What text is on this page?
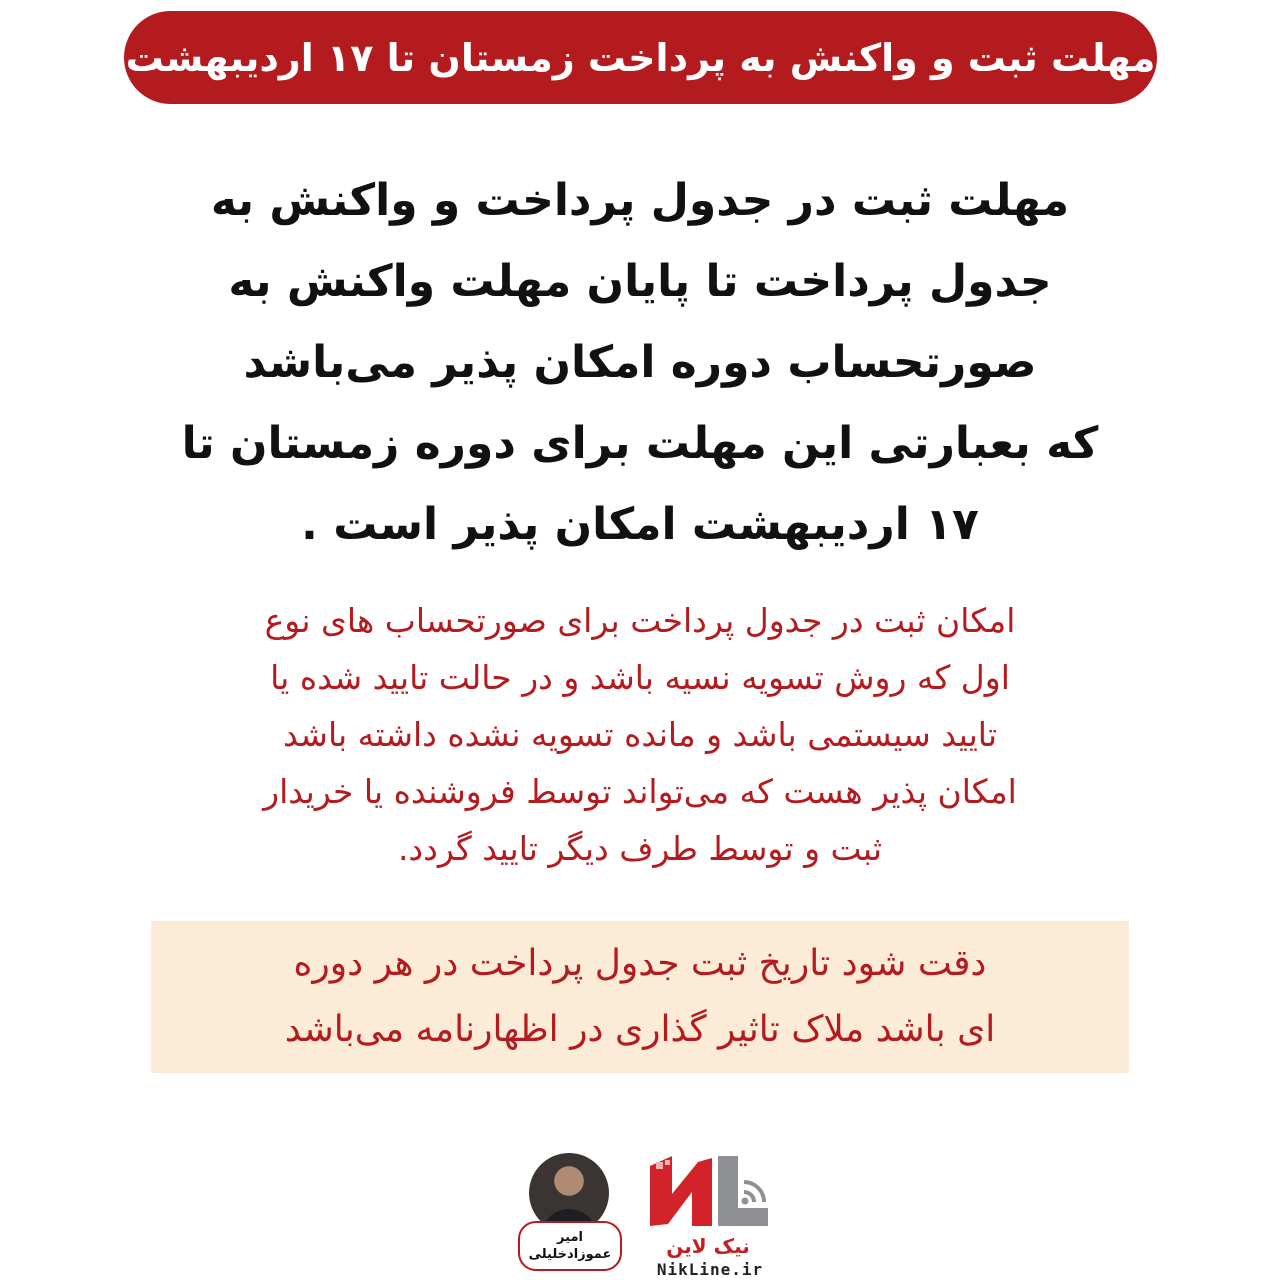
مهلت ثبت و واکنش به پرداخت زمستان تا ۱۷ اردیبهشت
مهلت ثبت در جدول پرداخت و واکنش به
جدول پرداخت تا پایان مهلت واکنش به
صورتحساب دوره امکان پذیر می‌باشد
که بعبارتی این مهلت برای دوره زمستان تا
۱۷ اردیبهشت امکان پذیر است .
امکان ثبت در جدول پرداخت برای صورتحساب های نوع
اول که روش تسویه نسیه باشد و در حالت تایید شده یا
تایید سیستمی باشد و مانده تسویه نشده داشته باشد
امکان پذیر هست که می‌تواند توسط فروشنده یا خریدار
ثبت و توسط طرف دیگر تایید گردد.
دقت شود تاریخ ثبت جدول پرداخت در هر دوره
ای باشد ملاک تاثیر گذاری در اظهارنامه می‌باشد
امیر
عموزادخلیلی	نیک لاین
NikLine.ir
